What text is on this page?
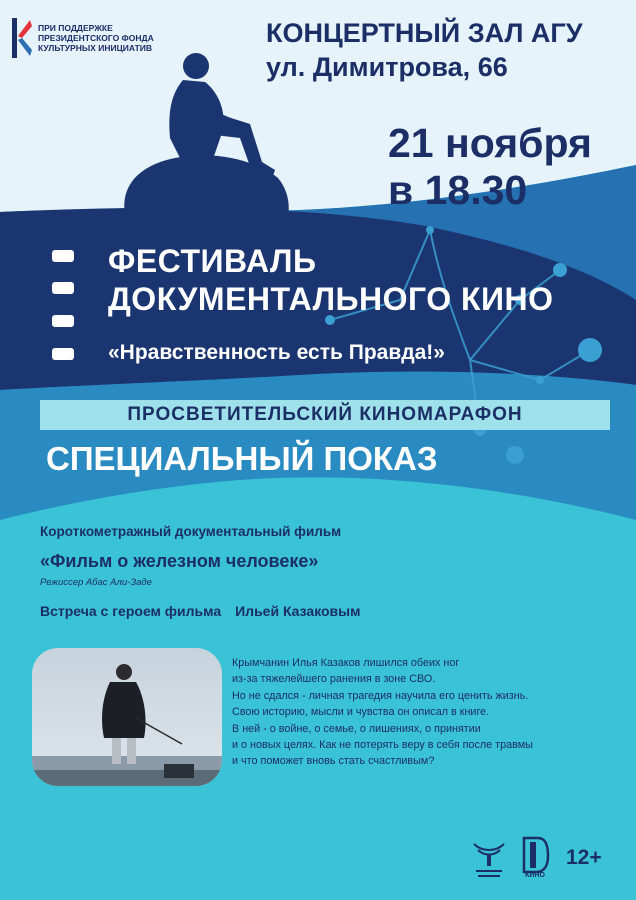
ПРИ ПОДДЕРЖКЕ
ПРЕЗИДЕНТСКОГО ФОНДА
КУЛЬТУРНЫХ ИНИЦИАТИВ	КОНЦЕРТНЫЙ ЗАЛ АГУ
ул. Димитрова, 66
21 ноября
в 18.30
ФЕСТИВАЛЬ
ДОКУМЕНТАЛЬНОГО КИНО
«Нравственность есть Правда!»
ПРОСВЕТИТЕЛЬСКИЙ КИНОМАРАФОН
СПЕЦИАЛЬНЫЙ ПОКАЗ
Короткометражный документальный фильм
«Фильм о железном человеке»
Режиссер Абас Али-Заде
Встреча с героем фильма Ильей Казаковым
Крымчанин Илья Казаков лишился обеих ног
из-за тяжелейшего ранения в зоне СВО.
Но не сдался - личная трагедия научила его ценить жизнь.
Свою историю, мысли и чувства он описал в книге.
В ней - о войне, о семье, о лишениях, о принятии
и о новых целях. Как не потерять веру в себя после травмы
и что поможет вновь стать счастливым?
КИНО
12+
